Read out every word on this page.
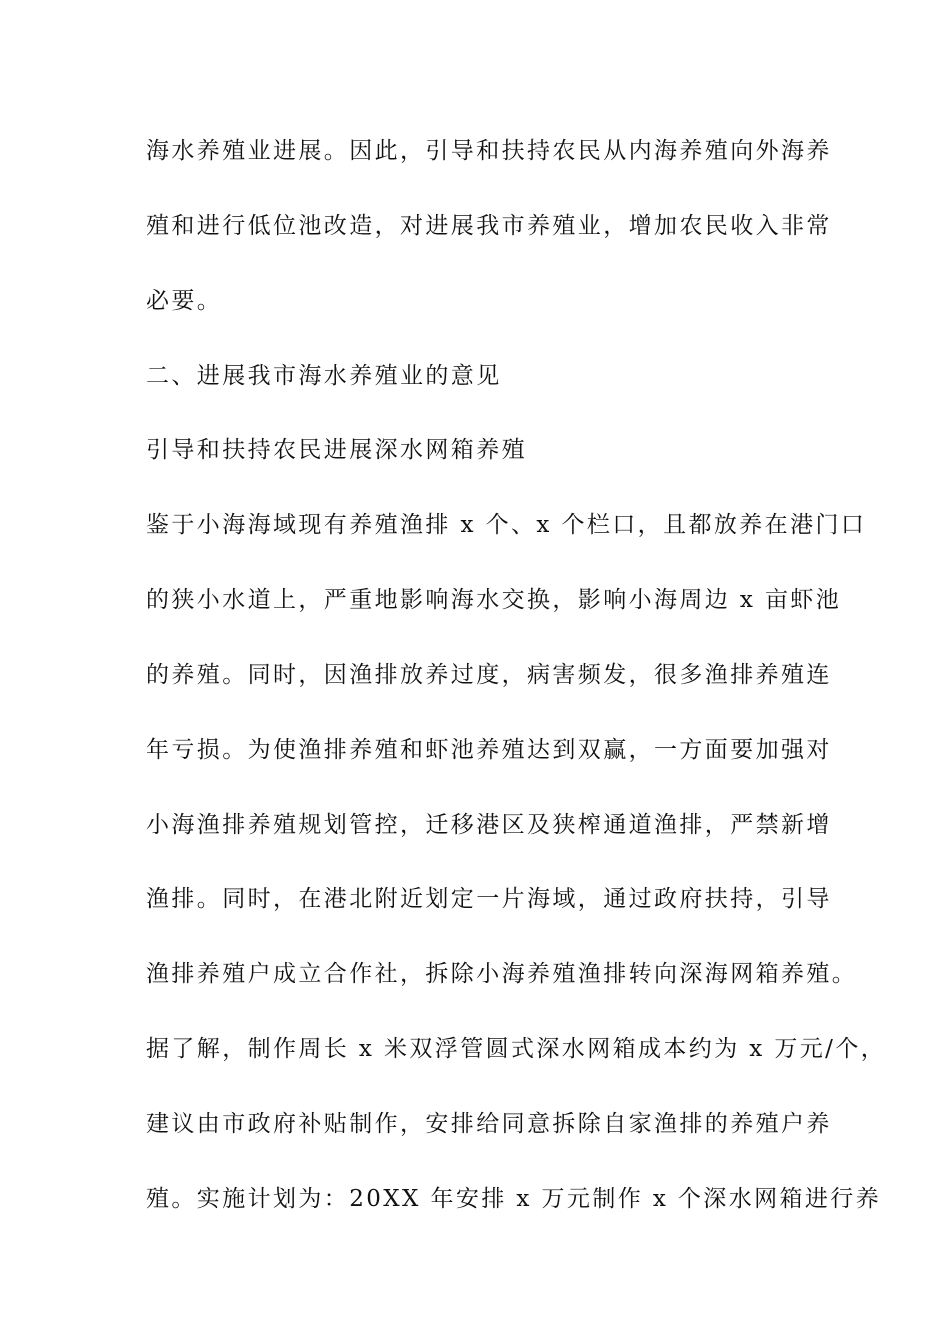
海水养殖业进展。因此，引导和扶持农民从内海养殖向外海养
殖和进行低位池改造，对进展我市养殖业，增加农民收入非常
必要。
二、进展我市海水养殖业的意见
引导和扶持农民进展深水网箱养殖
鉴于小海海域现有养殖渔排 x 个、x 个栏口，且都放养在港门口
的狭小水道上，严重地影响海水交换，影响小海周边 x 亩虾池
的养殖。同时，因渔排放养过度，病害频发，很多渔排养殖连
年亏损。为使渔排养殖和虾池养殖达到双赢，一方面要加强对
小海渔排养殖规划管控，迁移港区及狭榨通道渔排，严禁新增
渔排。同时，在港北附近划定一片海域，通过政府扶持，引导
渔排养殖户成立合作社，拆除小海养殖渔排转向深海网箱养殖。
据了解，制作周长 x 米双浮管圆式深水网箱成本约为 x 万元/个，
建议由市政府补贴制作，安排给同意拆除自家渔排的养殖户养
殖。实施计划为：20XX 年安排 x 万元制作 x 个深水网箱进行养
